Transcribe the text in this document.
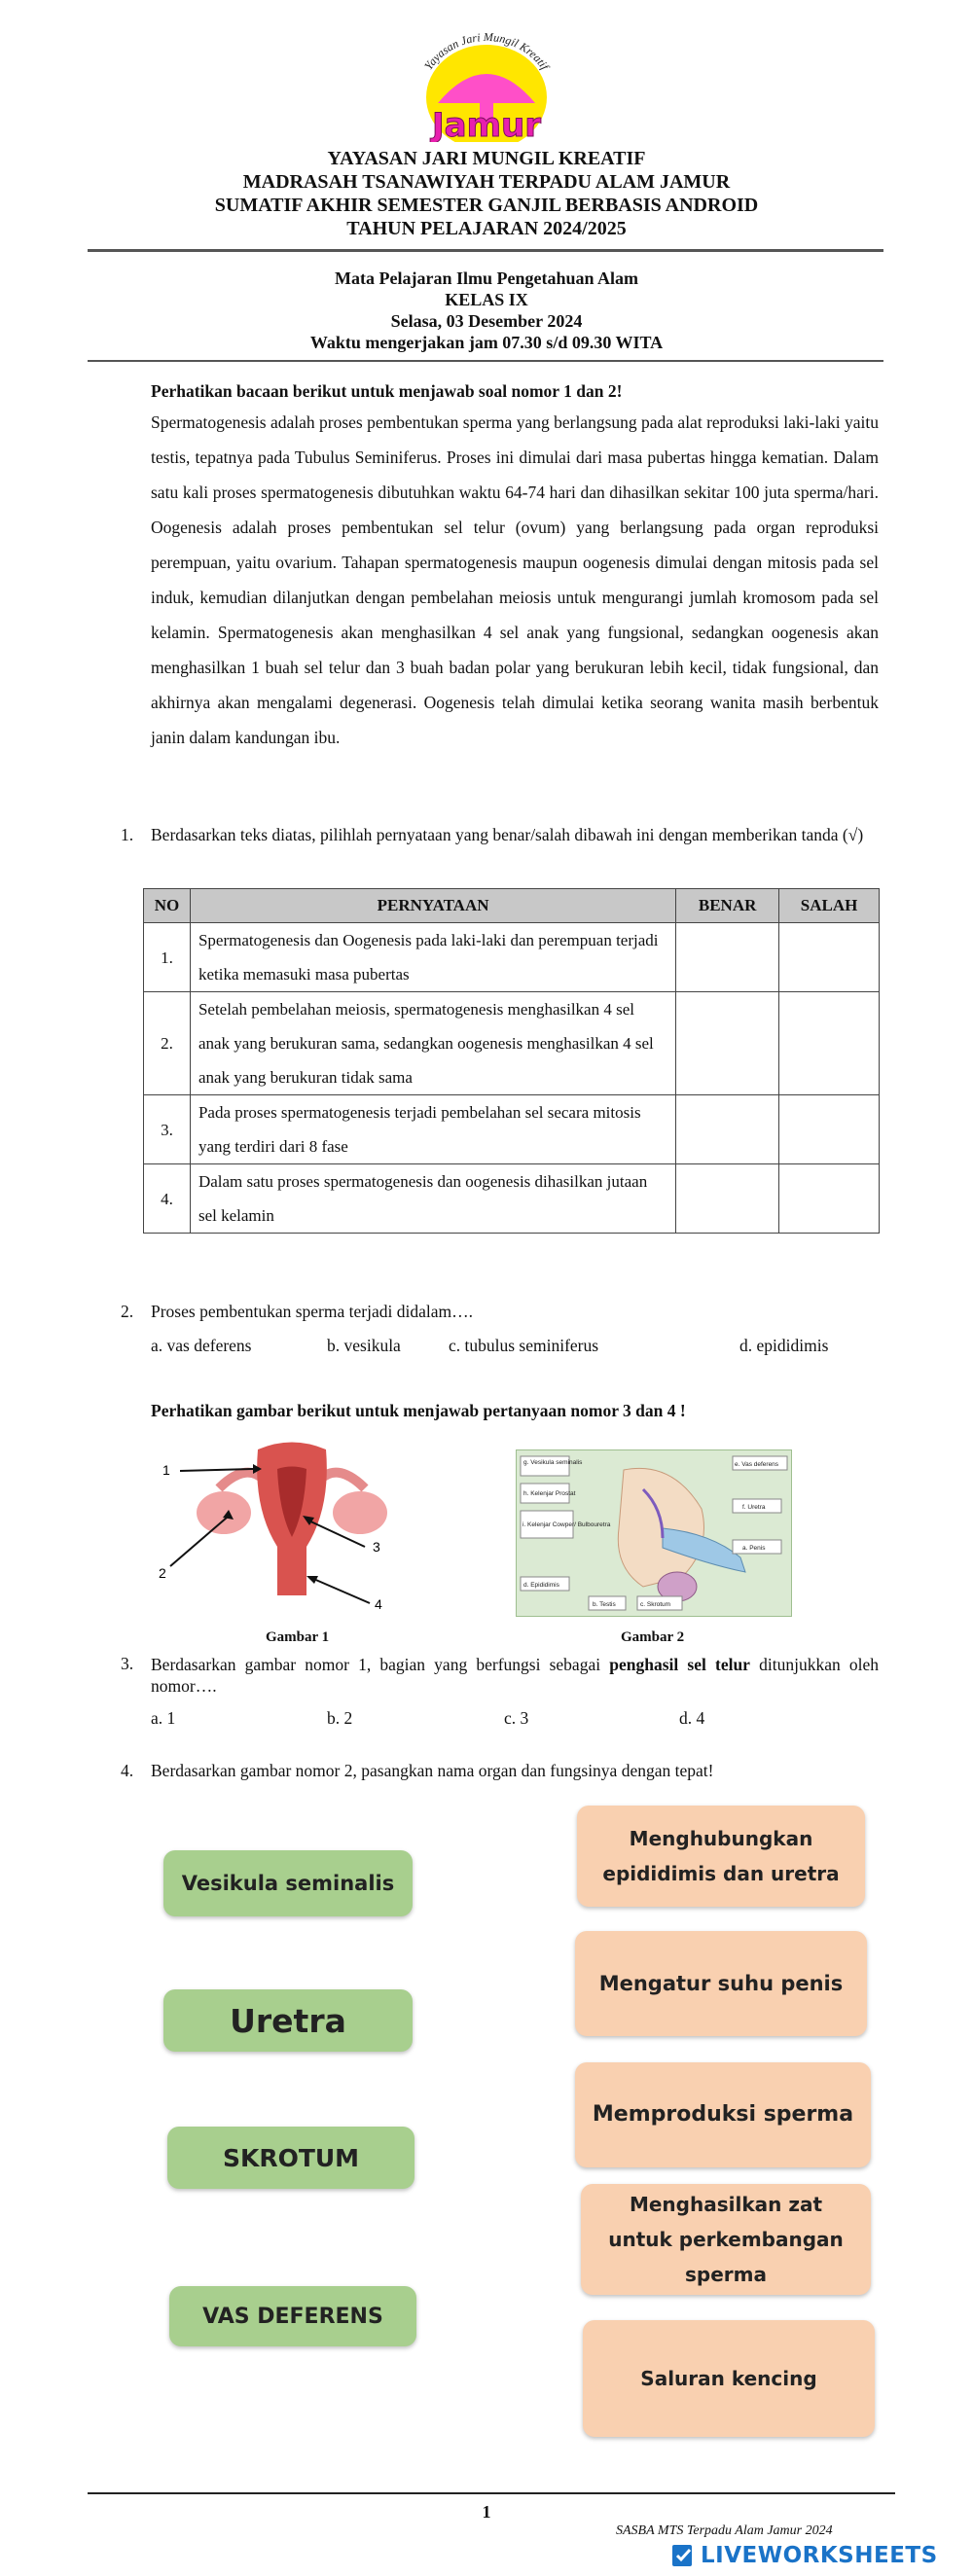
Yayasan Jari Mungil Kreatif
Jamur
YAYASAN JARI MUNGIL KREATIF
MADRASAH TSANAWIYAH TERPADU ALAM JAMUR
SUMATIF AKHIR SEMESTER GANJIL BERBASIS ANDROID
TAHUN PELAJARAN 2024/2025
Mata Pelajaran Ilmu Pengetahuan Alam
KELAS IX
Selasa, 03 Desember 2024
Waktu mengerjakan jam 07.30 s/d 09.30 WITA
Perhatikan bacaan berikut untuk menjawab soal nomor 1 dan 2!
Spermatogenesis adalah proses pembentukan sperma yang berlangsung pada alat reproduksi laki-laki yaitu testis, tepatnya pada Tubulus Seminiferus. Proses ini dimulai dari masa pubertas hingga kematian. Dalam satu kali proses spermatogenesis dibutuhkan waktu 64-74 hari dan dihasilkan sekitar 100 juta sperma/hari. Oogenesis adalah proses pembentukan sel telur (ovum) yang berlangsung pada organ reproduksi perempuan, yaitu ovarium. Tahapan spermatogenesis maupun oogenesis dimulai dengan mitosis pada sel induk, kemudian dilanjutkan dengan pembelahan meiosis untuk mengurangi jumlah kromosom pada sel kelamin. Spermatogenesis akan menghasilkan 4 sel anak yang fungsional, sedangkan oogenesis akan menghasilkan 1 buah sel telur dan 3 buah badan polar yang berukuran lebih kecil, tidak fungsional, dan akhirnya akan mengalami degenerasi. Oogenesis telah dimulai ketika seorang wanita masih berbentuk janin dalam kandungan ibu.
1. Berdasarkan teks diatas, pilihlah pernyataan yang benar/salah dibawah ini dengan memberikan tanda (√)
NO	PERNYATAAN	BENAR	SALAH
1.	Spermatogenesis dan Oogenesis pada laki-laki dan perempuan terjadi ketika memasuki masa pubertas		
2.	Setelah pembelahan meiosis, spermatogenesis menghasilkan 4 sel anak yang berukuran sama, sedangkan oogenesis menghasilkan 4 sel anak yang berukuran tidak sama		
3.	Pada proses spermatogenesis terjadi pembelahan sel secara mitosis yang terdiri dari 8 fase		
4.	Dalam satu proses spermatogenesis dan oogenesis dihasilkan jutaan sel kelamin		
2. Proses pembentukan sperma terjadi didalam….
a. vas deferens	b. vesikula	c. tubulus seminiferus	d. epididimis
Perhatikan gambar berikut untuk menjawab pertanyaan nomor 3 dan 4 !
1
2
3
4
Gambar 1
g. Vesikula seminalis
h. Kelenjar Prostat
i. Kelenjar Cowper/ Bulbouretra
d. Epididimis
b. Testis	c. Skrotum
e. Vas deferens
f. Uretra
a. Penis
Gambar 2
3. Berdasarkan gambar nomor 1, bagian yang berfungsi sebagai penghasil sel telur ditunjukkan oleh nomor….
a. 1	b. 2	c. 3	d. 4
4. Berdasarkan gambar nomor 2, pasangkan nama organ dan fungsinya dengan tepat!
Vesikula seminalis
Uretra
SKROTUM
VAS DEFERENS
Menghubungkan epididimis dan uretra
Mengatur suhu penis
Memproduksi sperma
Menghasilkan zat untuk perkembangan sperma
Saluran kencing
1
SASBA MTS Terpadu Alam Jamur 2024
LIVEWORKSHEETS
